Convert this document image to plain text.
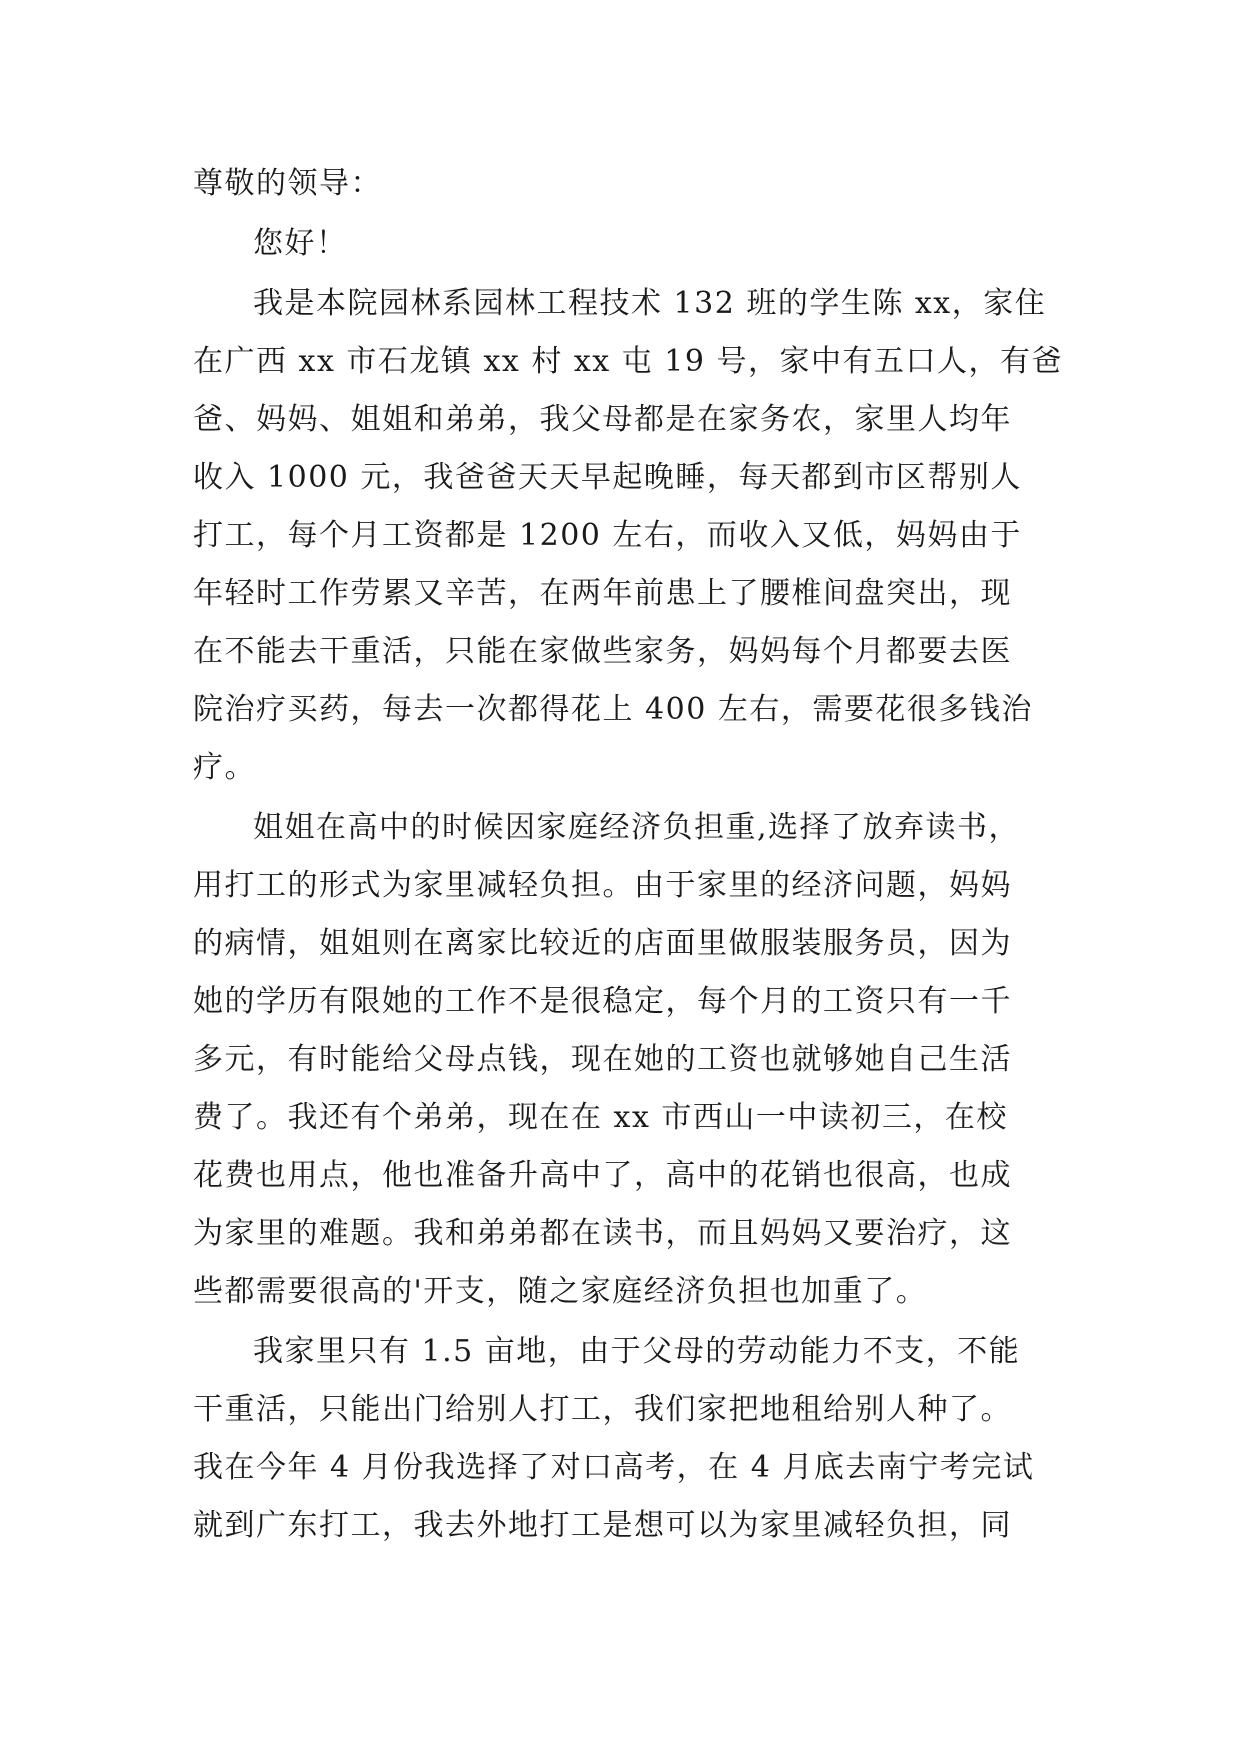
尊敬的领导：
您好！
我是本院园林系园林工程技术 132 班的学生陈 xx，家住
在广西 xx 市石龙镇 xx 村 xx 屯 19 号，家中有五口人，有爸
爸、妈妈、姐姐和弟弟，我父母都是在家务农，家里人均年
收入 1000 元，我爸爸天天早起晚睡，每天都到市区帮别人
打工，每个月工资都是 1200 左右，而收入又低，妈妈由于
年轻时工作劳累又辛苦，在两年前患上了腰椎间盘突出，现
在不能去干重活，只能在家做些家务，妈妈每个月都要去医
院治疗买药，每去一次都得花上 400 左右，需要花很多钱治
疗。
姐姐在高中的时候因家庭经济负担重,选择了放弃读书，
用打工的形式为家里减轻负担。由于家里的经济问题，妈妈
的病情，姐姐则在离家比较近的店面里做服装服务员，因为
她的学历有限她的工作不是很稳定，每个月的工资只有一千
多元，有时能给父母点钱，现在她的工资也就够她自己生活
费了。我还有个弟弟，现在在 xx 市西山一中读初三，在校
花费也用点，他也准备升高中了，高中的花销也很高，也成
为家里的难题。我和弟弟都在读书，而且妈妈又要治疗，这
些都需要很高的'开支，随之家庭经济负担也加重了。
我家里只有 1.5 亩地，由于父母的劳动能力不支，不能
干重活，只能出门给别人打工，我们家把地租给别人种了。
我在今年 4 月份我选择了对口高考，在 4 月底去南宁考完试
就到广东打工，我去外地打工是想可以为家里减轻负担，同
